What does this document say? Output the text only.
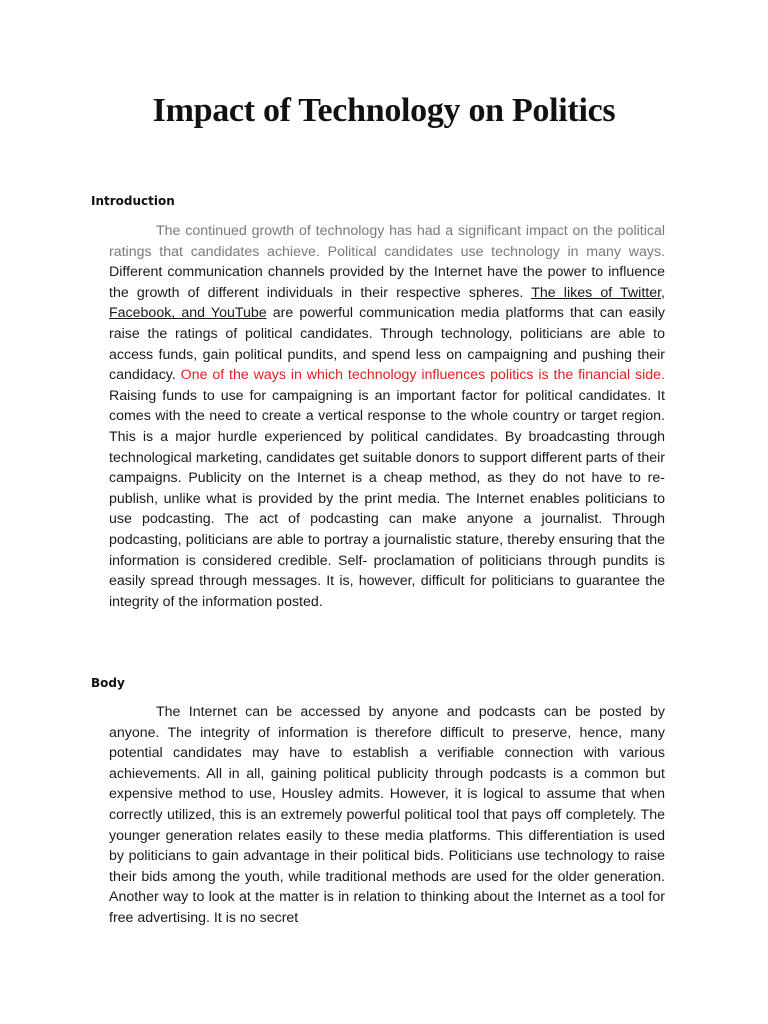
Impact of Technology on Politics
Introduction

The continued growth of technology has had a significant impact on the political ratings that candidates achieve. Political candidates use technology in many ways. Different communication channels provided by the Internet have the power to influence the growth of different individuals in their respective spheres. The likes of Twitter, Facebook, and YouTube are powerful communication media platforms that can easily raise the ratings of political candidates. Through technology, politicians are able to access funds, gain political pundits, and spend less on campaigning and pushing their candidacy. One of the ways in which technology influences politics is the financial side. Raising funds to use for campaigning is an important factor for political candidates. It comes with the need to create a vertical response to the whole country or target region. This is a major hurdle experienced by political candidates. By broadcasting through technological marketing, candidates get suitable donors to support different parts of their campaigns. Publicity on the Internet is a cheap method, as they do not have to re-publish, unlike what is provided by the print media. The Internet enables politicians to use podcasting. The act of podcasting can make anyone a journalist. Through podcasting, politicians are able to portray a journalistic stature, thereby ensuring that the information is considered credible. Self- proclamation of politicians through pundits is easily spread through messages. It is, however, difficult for politicians to guarantee the integrity of the information posted.

Body

The Internet can be accessed by anyone and podcasts can be posted by anyone. The integrity of information is therefore difficult to preserve, hence, many potential candidates may have to establish a verifiable connection with various achievements. All in all, gaining political publicity through podcasts is a common but expensive method to use, Housley admits. However, it is logical to assume that when correctly utilized, this is an extremely powerful political tool that pays off completely. The younger generation relates easily to these media platforms. This differentiation is used by politicians to gain advantage in their political bids. Politicians use technology to raise their bids among the youth, while traditional methods are used for the older generation. Another way to look at the matter is in relation to thinking about the Internet as a tool for free advertising. It is no secret
